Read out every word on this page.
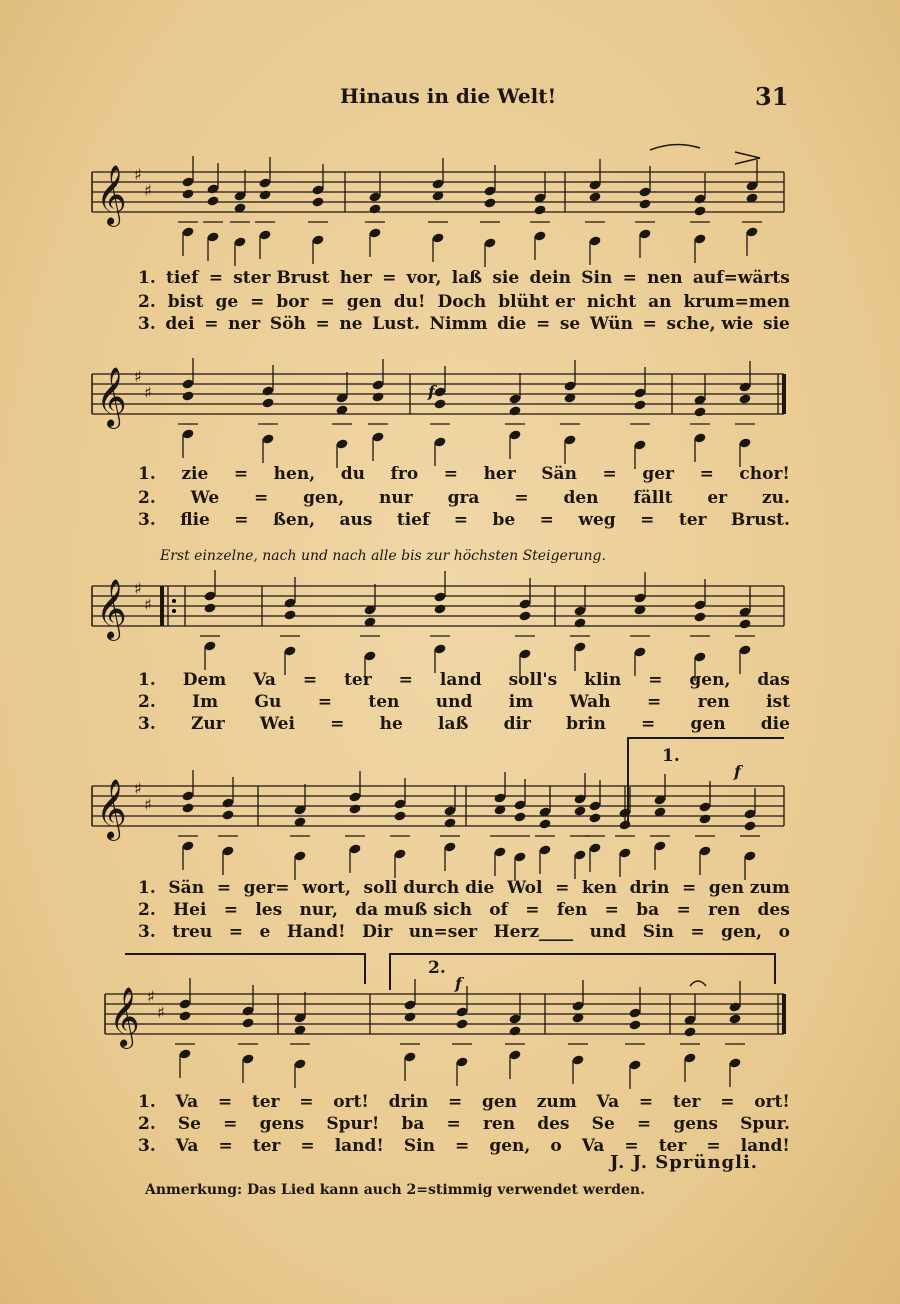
Hinaus in die Welt!	31
𝄞 ♯
♯
𝄞 ♯
♯
𝄞 ♯
♯
𝄞 ♯
♯
𝄞 ♯
♯
Erst einzelne, nach und nach alle bis zur höchsten Steigerung.
1.
2.
f
f
f
1. tief = ster Brust her = vor, laß sie dein Sin = nen auf=wärts
2. bist ge = bor = gen du! Doch blüht er nicht an krum=men
3. dei = ner Söh = ne Lust. Nimm die = se Wün = sche, wie sie
1. zie = hen, du fro = her Sän = ger = chor!
2. We = gen, nur gra = den fällt er zu.
3. flie = ßen, aus tief = be = weg = ter Brust.
1. Dem Va = ter = land soll's klin = gen, das
2. Im Gu = ten und im Wah = ren ist
3. Zur Wei = he laß dir brin = gen die
1. Sän = ger= wort, soll durch die Wol = ken drin = gen zum
2. Hei = les nur, da muß sich of = fen = ba = ren des
3. treu = e Hand! Dir un=ser Herz____ und Sin = gen, o
1. Va = ter = ort! drin = gen zum Va = ter = ort!
2. Se = gens Spur! ba = ren des Se = gens Spur.
3. Va = ter = land! Sin = gen, o Va = ter = land!
J. J. Sprüngli.
Anmerkung: Das Lied kann auch 2=stimmig verwendet werden.
